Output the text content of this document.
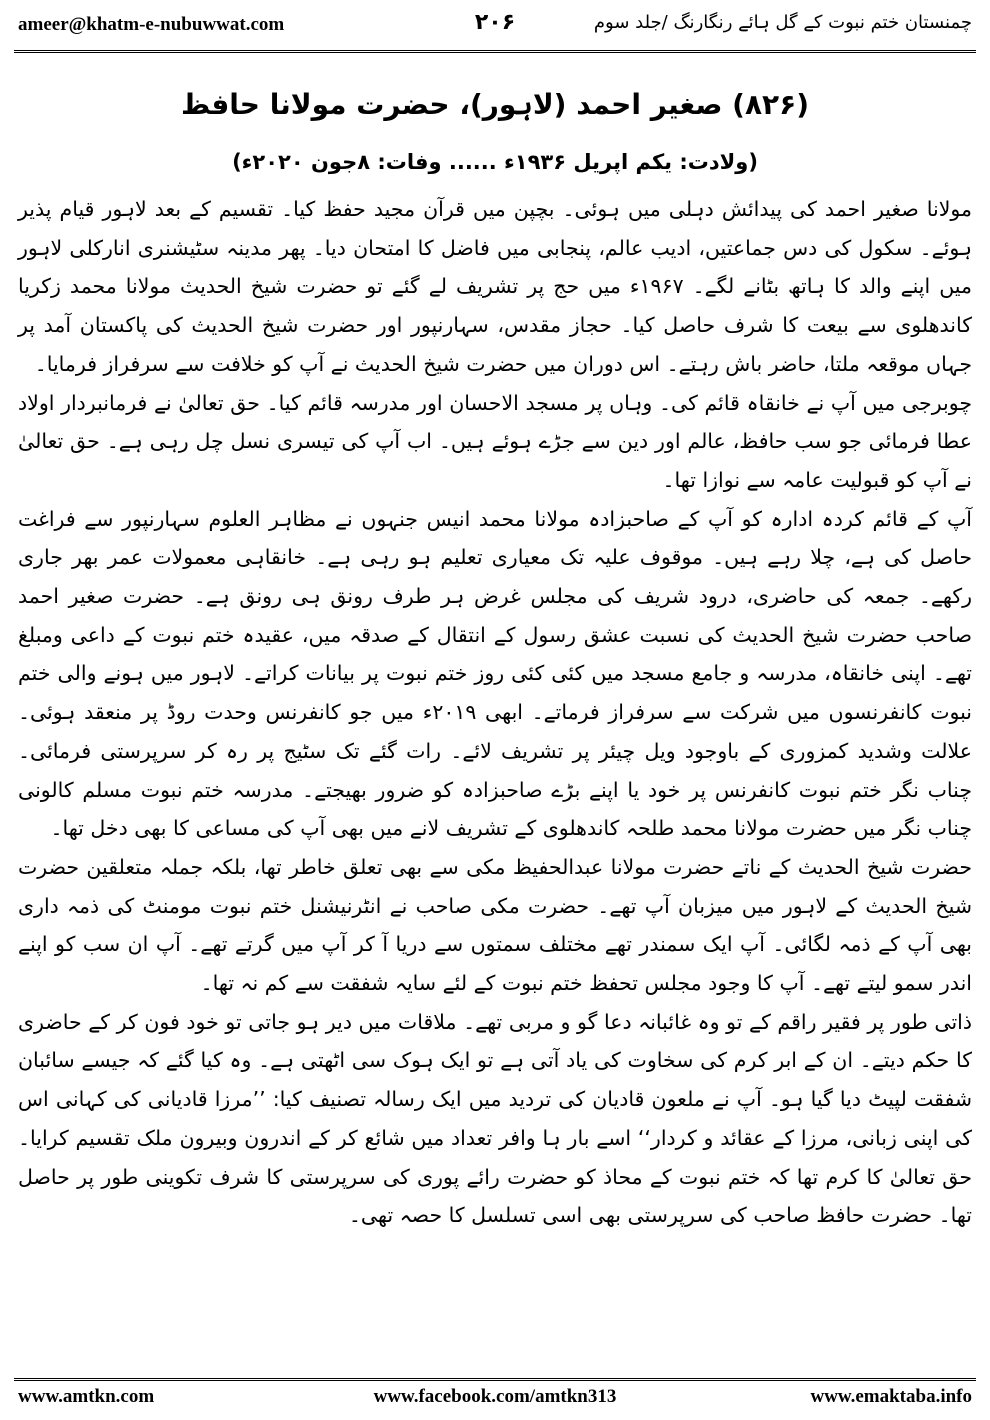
ameer@khatm-e-nubuwwat.com	۲۰۶	چمنستان ختم نبوت کے گل ہائے رنگارنگ /جلد سوم
(۸۲۶) صغیر احمد (لاہور)، حضرت مولانا حافظ
(ولادت: یکم اپریل ۱۹۳۶ء ...... وفات: ۸جون ۲۰۲۰ء)

مولانا صغیر احمد کی پیدائش دہلی میں ہوئی۔ بچپن میں قرآن مجید حفظ کیا۔ تقسیم کے بعد لاہور قیام پذیر ہوئے۔ سکول کی دس جماعتیں، ادیب عالم، پنجابی میں فاضل کا امتحان دیا۔ پھر مدینہ سٹیشنری انارکلی لاہور میں اپنے والد کا ہاتھ بٹانے لگے۔ ۱۹۶۷ء میں حج پر تشریف لے گئے تو حضرت شیخ الحدیث مولانا محمد زکریا کاندھلوی سے بیعت کا شرف حاصل کیا۔ حجاز مقدس، سہارنپور اور حضرت شیخ الحدیث کی پاکستان آمد پر جہاں موقعہ ملتا، حاضر باش رہتے۔ اس دوران میں حضرت شیخ الحدیث نے آپ کو خلافت سے سرفراز فرمایا۔

چوبرجی میں آپ نے خانقاہ قائم کی۔ وہاں پر مسجد الاحسان اور مدرسہ قائم کیا۔ حق تعالیٰ نے فرمانبردار اولاد عطا فرمائی جو سب حافظ، عالم اور دین سے جڑے ہوئے ہیں۔ اب آپ کی تیسری نسل چل رہی ہے۔ حق تعالیٰ نے آپ کو قبولیت عامہ سے نوازا تھا۔

آپ کے قائم کردہ ادارہ کو آپ کے صاحبزادہ مولانا محمد انیس جنہوں نے مظاہر العلوم سہارنپور سے فراغت حاصل کی ہے، چلا رہے ہیں۔ موقوف علیہ تک معیاری تعلیم ہو رہی ہے۔ خانقاہی معمولات عمر بھر جاری رکھے۔ جمعہ کی حاضری، درود شریف کی مجلس غرض ہر طرف رونق ہی رونق ہے۔ حضرت صغیر احمد صاحب حضرت شیخ الحدیث کی نسبت عشق رسول کے انتقال کے صدقہ میں، عقیدہ ختم نبوت کے داعی ومبلغ تھے۔ اپنی خانقاہ، مدرسہ و جامع مسجد میں کئی کئی روز ختم نبوت پر بیانات کراتے۔ لاہور میں ہونے والی ختم نبوت کانفرنسوں میں شرکت سے سرفراز فرماتے۔ ابھی ۲۰۱۹ء میں جو کانفرنس وحدت روڈ پر منعقد ہوئی۔ علالت وشدید کمزوری کے باوجود ویل چیئر پر تشریف لائے۔ رات گئے تک سٹیج پر رہ کر سرپرستی فرمائی۔ چناب نگر ختم نبوت کانفرنس پر خود یا اپنے بڑے صاحبزادہ کو ضرور بھیجتے۔ مدرسہ ختم نبوت مسلم کالونی چناب نگر میں حضرت مولانا محمد طلحہ کاندھلوی کے تشریف لانے میں بھی آپ کی مساعی کا بھی دخل تھا۔

حضرت شیخ الحدیث کے ناتے حضرت مولانا عبدالحفیظ مکی سے بھی تعلق خاطر تھا، بلکہ جملہ متعلقین حضرت شیخ الحدیث کے لاہور میں میزبان آپ تھے۔ حضرت مکی صاحب نے انٹرنیشنل ختم نبوت مومنٹ کی ذمہ داری بھی آپ کے ذمہ لگائی۔ آپ ایک سمندر تھے مختلف سمتوں سے دریا آ کر آپ میں گرتے تھے۔ آپ ان سب کو اپنے اندر سمو لیتے تھے۔ آپ کا وجود مجلس تحفظ ختم نبوت کے لئے سایہ شفقت سے کم نہ تھا۔

ذاتی طور پر فقیر راقم کے تو وہ غائبانہ دعا گو و مربی تھے۔ ملاقات میں دیر ہو جاتی تو خود فون کر کے حاضری کا حکم دیتے۔ ان کے ابر کرم کی سخاوت کی یاد آتی ہے تو ایک ہوک سی اٹھتی ہے۔ وہ کیا گئے کہ جیسے سائبان شفقت لپیٹ دیا گیا ہو۔ آپ نے ملعون قادیان کی تردید میں ایک رسالہ تصنیف کیا: ’’مرزا قادیانی کی کہانی اس کی اپنی زبانی، مرزا کے عقائد و کردار‘‘ اسے بار ہا وافر تعداد میں شائع کر کے اندرون وبیرون ملک تقسیم کرایا۔ حق تعالیٰ کا کرم تھا کہ ختم نبوت کے محاذ کو حضرت رائے پوری کی سرپرستی کا شرف تکوینی طور پر حاصل تھا۔ حضرت حافظ صاحب کی سرپرستی بھی اسی تسلسل کا حصہ تھی۔

www.amtkn.com	www.facebook.com/amtkn313	www.emaktaba.info
